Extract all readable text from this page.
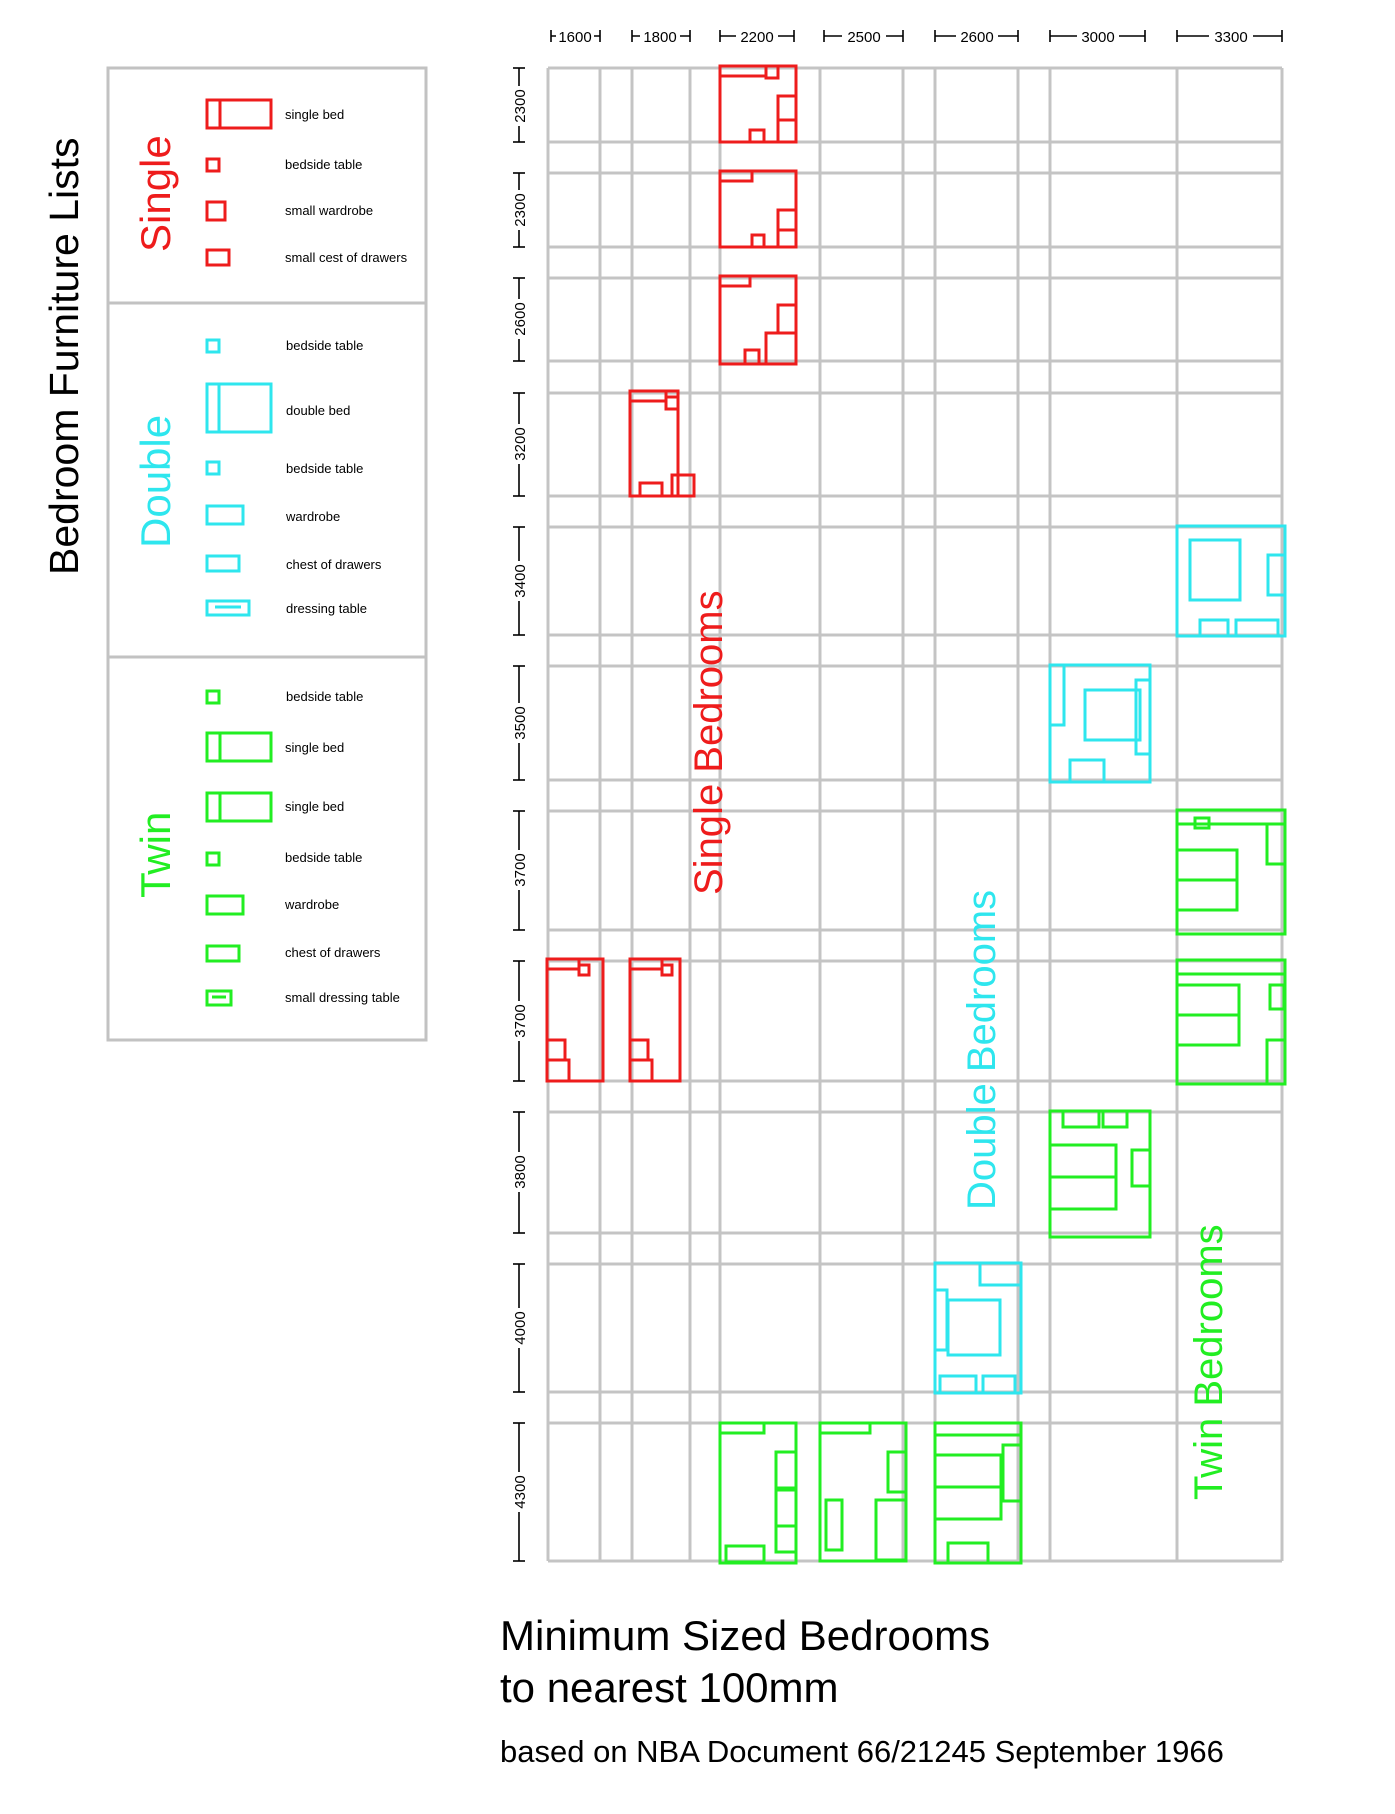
Bedroom Furniture Lists Single
Double
Twin
single bed
bedside table
small wardrobe
small cest of drawers
bedside table
double bed
bedside table
wardrobe
chest of drawers
dressing table
bedside table
single bed
single bed
bedside table
wardrobe
chest of drawers
small dressing table
1600	1800	2200	2500	2600	3000	3300
2300
2300
2600
3200
3400
3500
3700
3700
3800
4000
4300
Single Bedrooms
Double Bedrooms
Twin Bedrooms
Minimum Sized Bedrooms
to nearest 100mm
based on NBA Document 66/21245 September 1966
